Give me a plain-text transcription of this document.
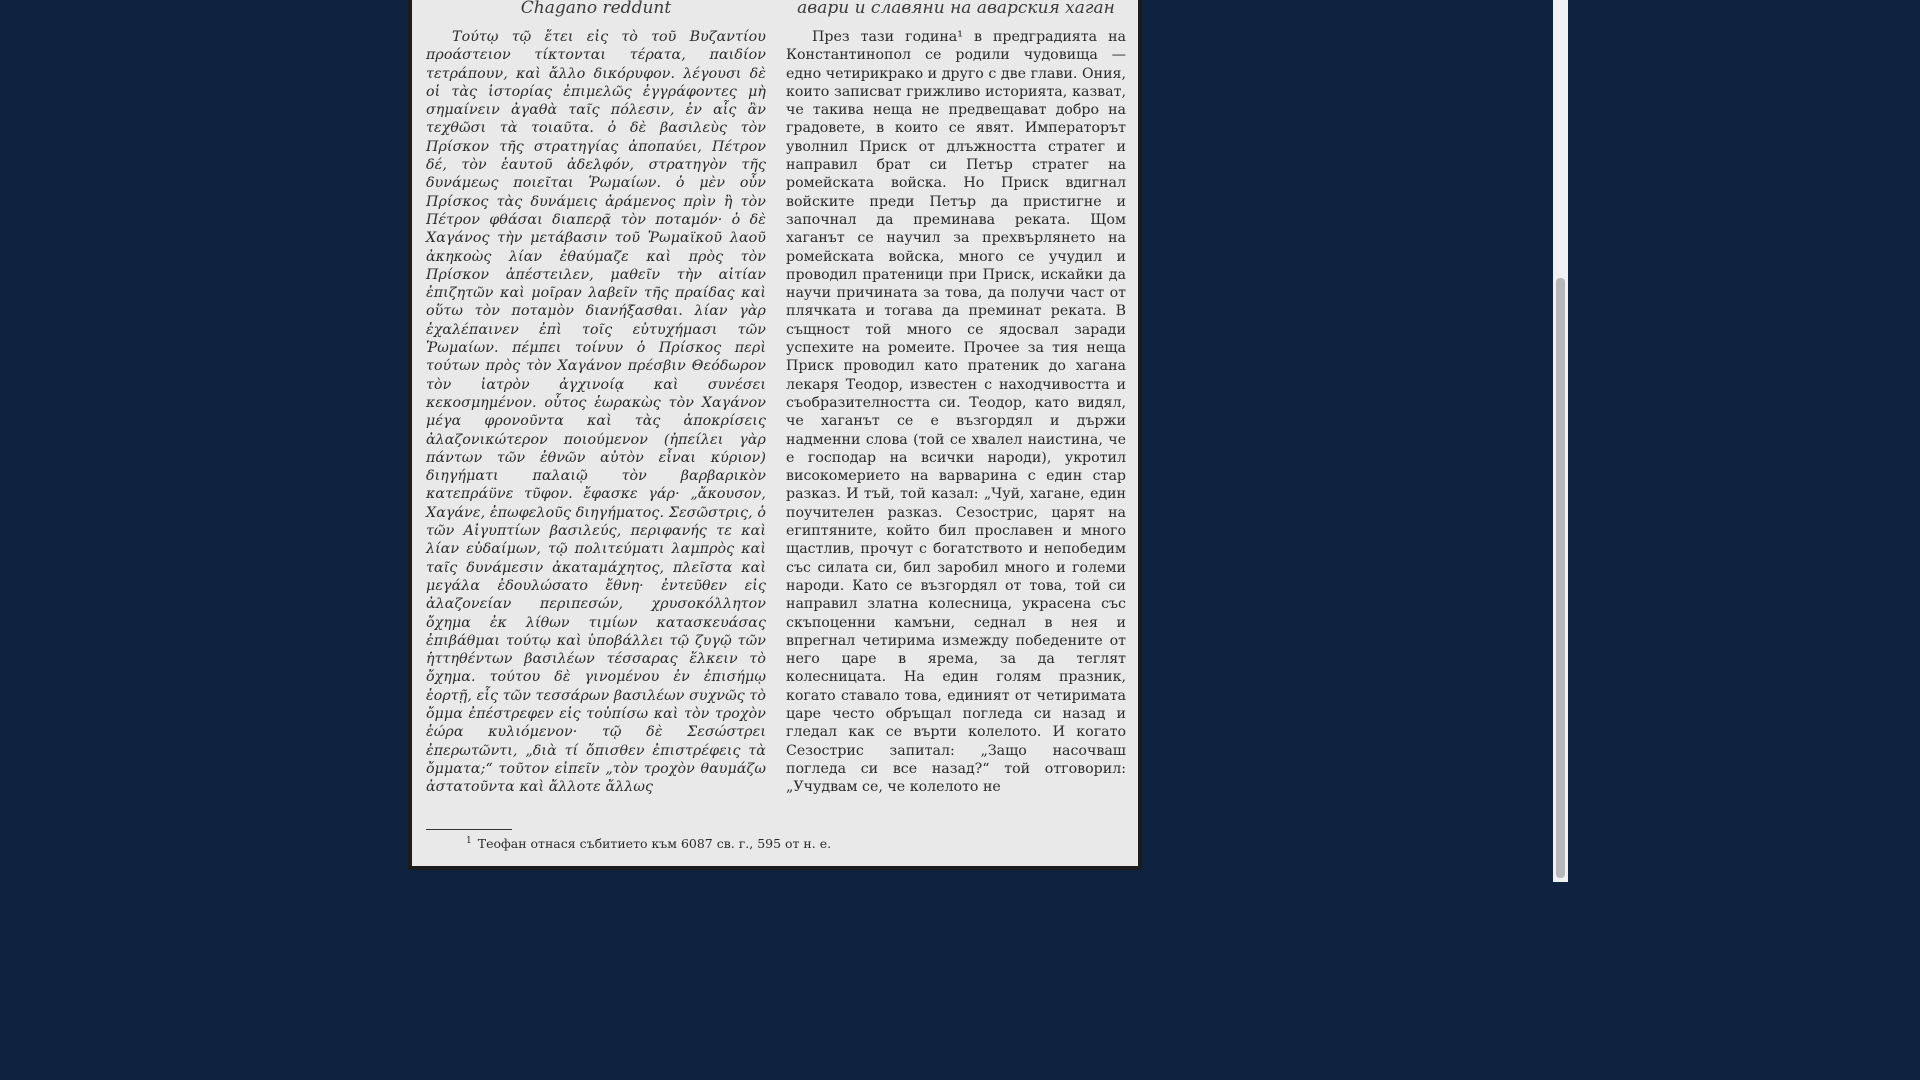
Chagano reddunt

Τούτῳ τῷ ἔτει εἰς τὸ τοῦ Βυζαντίου προάστειον τίκτονται τέρατα, παιδίον τετράπουν, καὶ ἄλλο δικόρυφον. λέγουσι δὲ οἱ τὰς ἱστορίας ἐπιμελῶς ἐγγράφοντες μὴ σημαίνειν ἀγαθὰ ταῖς πόλεσιν, ἐν αἷς ἂν τεχθῶσι τὰ τοιαῦτα. ὁ δὲ βασιλεὺς τὸν Πρίσκον τῆς στρατηγίας ἀποπαύει, Πέτρον δέ, τὸν ἑαυτοῦ ἀδελφόν, στρατηγὸν τῆς δυνάμεως ποιεῖται Ῥωμαίων. ὁ μὲν οὖν Πρίσκος τὰς δυνάμεις ἀράμενος πρὶν ἢ τὸν Πέτρον φθάσαι διαπερᾷ τὸν ποταμόν· ὁ δὲ Χαγάνος τὴν μετάβασιν τοῦ Ῥωμαϊκοῦ λαοῦ ἀκηκοὼς λίαν ἐθαύμαζε καὶ πρὸς τὸν Πρίσκον ἀπέστειλεν, μαθεῖν τὴν αἰτίαν ἐπιζητῶν καὶ μοῖραν λαβεῖν τῆς πραίδας καὶ οὕτω τὸν ποταμὸν διανήξασθαι. λίαν γὰρ ἐχαλέπαινεν ἐπὶ τοῖς εὐτυχήμασι τῶν Ῥωμαίων. πέμπει τοίνυν ὁ Πρίσκος περὶ τούτων πρὸς τὸν Χαγάνον πρέσβιν Θεόδωρον τὸν ἰατρὸν ἀγχινοίᾳ καὶ συνέσει κεκοσμημένον. οὗτος ἑωρακὼς τὸν Χαγάνον μέγα φρονοῦντα καὶ τὰς ἀποκρίσεις ἀλαζονικώτερον ποιούμενον (ἠπείλει γὰρ πάντων τῶν ἐθνῶν αὐτὸν εἶναι κύριον) διηγήματι παλαιῷ τὸν βαρβαρικὸν κατεπράϋνε τῦφον. ἔφασκε γάρ· „ἄκουσον, Χαγάνε, ἐπωφελοῦς διηγήματος. Σεσῶστρις, ὁ τῶν Αἰγυπτίων βασιλεύς, περιφανής τε καὶ λίαν εὐδαίμων, τῷ πολιτεύματι λαμπρὸς καὶ ταῖς δυνάμεσιν ἀκαταμάχητος, πλεῖστα καὶ μεγάλα ἐδουλώσατο ἔθνη· ἐντεῦθεν εἰς ἀλαζονείαν περιπεσών, χρυσοκόλλητον ὄχημα ἐκ λίθων τιμίων κατασκευάσας ἐπιβάθμαι τούτῳ καὶ ὑποβάλλει τῷ ζυγῷ τῶν ἡττηθέντων βασιλέων τέσσαρας ἕλκειν τὸ ὄχημα. τούτου δὲ γινομένου ἐν ἐπισήμῳ ἑορτῇ, εἷς τῶν τεσσάρων βασιλέων συχνῶς τὸ ὄμμα ἐπέστρεφεν εἰς τοὐπίσω καὶ τὸν τροχὸν ἑώρα κυλιόμενον· τῷ δὲ Σεσώστρει ἐπερωτῶντι, „διὰ τί ὄπισθεν ἐπιστρέφεις τὰ ὄμματα;“ τοῦτον εἰπεῖν „τὸν τροχὸν θαυμάζω ἀστατοῦντα καὶ ἄλλοτε ἄλλως

авари и славяни на аварския хаган

През тази година¹ в предградията на Константинопол се родили чудовища — едно четирикрако и друго с две глави. Ония, които записват грижливо историята, казват, че такива неща не предвещават добро на градовете, в които се явят. Императорът уволнил Приск от длъжността стратег и направил брат си Петър стратег на ромейската войска. Но Приск вдигнал войските преди Петър да пристигне и започнал да преминава реката. Щом хаганът се научил за прехвърлянето на ромейската войска, много се учудил и проводил пратеници при Приск, искайки да научи причината за това, да получи част от плячката и тогава да преминат реката. В същност той много се ядосвал заради успехите на ромеите. Прочее за тия неща Приск проводил като пратеник до хагана лекаря Теодор, известен с находчивостта и съобразителността си. Теодор, като видял, че хаганът се е възгордял и държи надменни слова (той се хвалел наистина, че е господар на всички народи), укротил високомерието на варварина с един стар разказ. И тъй, той казал: „Чуй, хагане, един поучителен разказ. Сезострис, царят на египтяните, който бил прославен и много щастлив, прочут с богатството и непобедим със силата си, бил заробил много и големи народи. Като се възгордял от това, той си направил златна колесница, украсена със скъпоценни камъни, седнал в нея и впрегнал четирима измежду победените от него царе в ярема, за да теглят колесницата. На един голям празник, когато ставало това, единият от четиримата царе често обръщал погледа си назад и гледал как се върти колелото. И когато Сезострис запитал: „Защо насочваш погледа си все назад?“ той отговорил: „Учудвам се, че колелото не

$^1$ Теофан отнася събитието към 6087 св. г., 595 от н. е.
